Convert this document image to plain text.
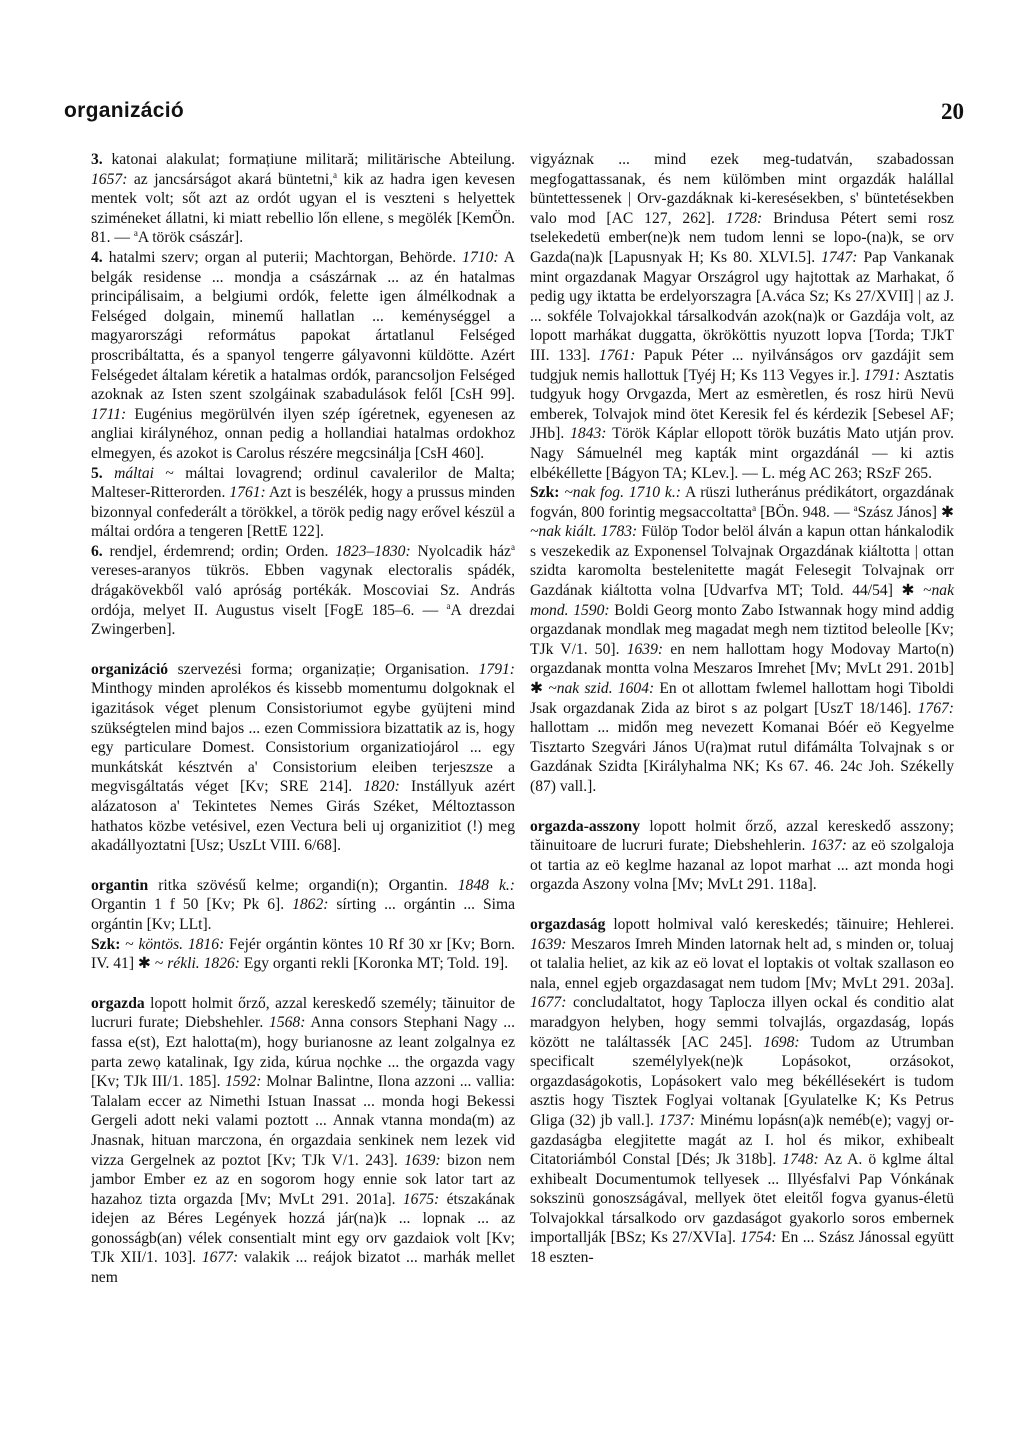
organizáció	20

3. katonai alakulat; formațiune militară; militärische Abteilung. 1657: az jancsárságot akará büntetni,$^a$ kik az hadra igen kevesen mentek volt; sőt azt az ordót ugyan el is veszteni s helyettek sziméneket állatni, ki miatt rebellio lőn ellene, s megölék [KemÖn. 81. — $^a$A török császár].

4. hatalmi szerv; organ al puterii; Machtorgan, Behörde. 1710: A belgák residense ... mondja a császárnak ... az én hatalmas principálisaim, a belgiumi ordók, felette igen álmélkodnak a Felséged dolgain, minemű hallatlan ... keménységgel a magyarországi református papokat ártatlanul Felséged proscribáltatta, és a spanyol tengerre gályavonni küldötte. Azért Felségedet általam kéretik a hatalmas ordók, parancsoljon Felséged azoknak az Isten szent szolgáinak szabadulások felől [CsH 99]. 1711: Eugénius megörülvén ilyen szép ígéretnek, egyenesen az angliai királynéhoz, onnan pedig a hollandiai hatalmas ordokhoz elmegyen, és azokot is Carolus részére megcsinálja [CsH 460].

5. máltai ~ máltai lovagrend; ordinul cavalerilor de Malta; Malteser-Ritterorden. 1761: Azt is beszélék, hogy a prussus minden bizonnyal confederált a törökkel, a török pedig nagy erővel készül a máltai ordóra a tengeren [RettE 122].

6. rendjel, érdemrend; ordin; Orden. 1823–1830: Nyolcadik ház$^a$ vereses-aranyos tükrös. Ebben vagynak electoralis spádék, drágakövekből való apróság portékák. Moscoviai Sz. András ordója, melyet II. Augustus viselt [FogE 185–6. — $^a$A drezdai Zwingerben].

organizáció szervezési forma; organizație; Organisation. 1791: Minthogy minden aprolékos és kissebb momentumu dolgoknak el igazitások véget plenum Consistoriumot egybe gyüjteni mind szükségtelen mind bajos ... ezen Commissiora bizattatik az is, hogy egy particulare Domest. Consistorium organizatiojárol ... egy munkátskát késztvén a' Consistorium eleiben terjeszsze a megvisgáltatás véget [Kv; SRE 214]. 1820: Instállyuk azért alázatoson a' Tekintetes Nemes Girás Széket, Méltoztasson hathatos közbe vetésivel, ezen Vectura beli uj organizitiot (!) meg akadállyoztatni [Usz; UszLt VIII. 6/68].

organtin ritka szövésű kelme; organdi(n); Organtin. 1848 k.: Organtin 1 f 50 [Kv; Pk 6]. 1862: sírting ... orgántin ... Sima orgántin [Kv; LLt].

Szk: ~ köntös. 1816: Fejér orgántin köntes 10 Rf 30 xr [Kv; Born. IV. 41] ✱ ~ rékli. 1826: Egy organti rekli [Koronka MT; Told. 19].

orgazda lopott holmit őrző, azzal kereskedő személy; tăinuitor de lucruri furate; Diebshehler. 1568: Anna consors Stephani Nagy ... fassa e(st), Ezt halotta(m), hogy burianosne az leant zolgalnya ez parta zewọ katalinak, Igy zida, kúrua nọchke ... the orgazda vagy [Kv; TJk III/1. 185]. 1592: Molnar Balintne, Ilona azzoni ... vallia: Talalam eccer az Nimethi Istuan Inassat ... monda hogi Bekessi Gergeli adott neki valami poztott ... Annak vtanna monda(m) az Jnasnak, hituan marczona, én orgazdaia senkinek nem lezek vid vizza Gergelnek az poztot [Kv; TJk V/1. 243]. 1639: bizon nem jambor Ember ez az en sogorom hogy ennie sok lator tart az hazahoz tizta orgazda [Mv; MvLt 291. 201a]. 1675: étszakának idejen az Béres Legények hozzá jár(na)k ... lopnak ... az gonosságb(an) vélek consentialt mint egy orv gazdaiok volt [Kv; TJk XII/1. 103]. 1677: valakik ... reájok bizatot ... marhák mellet nem

vigyáznak ... mind ezek meg-tudatván, szabadossan megfogattassanak, és nem külömben mint orgazdák halállal büntettessenek | Orv-gazdáknak ki-keresésekben, s' büntetésekben valo mod [AC 127, 262]. 1728: Brindusa Pétert semi rosz tselekedetü ember(ne)k nem tudom lenni se lopo-(na)k, se orv Gazda(na)k [Lapusnyak H; Ks 80. XLVI.5]. 1747: Pap Vankanak mint orgazdanak Magyar Országrol ugy hajtottak az Marhakat, ő pedig ugy iktatta be erdelyorszagra [A.váca Sz; Ks 27/XVII] | az J. ... sokféle Tolvajokkal társalkodván azok(na)k or Gazdája volt, az lopott marhákat duggatta, ökrököttis nyuzott lopva [Torda; TJkT III. 133]. 1761: Papuk Péter ... nyilvánságos orv gazdájit sem tudgjuk nemis hallottuk [Tyéj H; Ks 113 Vegyes ir.]. 1791: Asztatis tudgyuk hogy Orvgazda, Mert az esmèretlen, és rosz hirü Nevü emberek, Tolvajok mind ötet Keresik fel és kérdezik [Sebesel AF; JHb]. 1843: Török Káplar ellopott török buzátis Mato utján prov. Nagy Sámuelnél meg kapták mint orgazdánál — ki aztis elbékéllette [Bágyon TA; KLev.]. — L. még AC 263; RSzF 265.

Szk: ~nak fog. 1710 k.: A rüszi lutheránus prédikátort, orgazdának fogván, 800 forintig megsaccoltatta$^a$ [BÖn. 948. — $^a$Szász János] ✱ ~nak kiált. 1783: Fülöp Todor belöl álván a kapun ottan hánkalodik s veszekedik az Exponensel Tolvajnak Orgazdának kiáltotta | ottan szidta karomolta bestelenitette magát Felesegit Tolvajnak orr Gazdának kiáltotta volna [Udvarfva MT; Told. 44/54] ✱ ~nak mond. 1590: Boldi Georg monto Zabo Istwannak hogy mind addig orgazdanak mondlak meg magadat megh nem tiztitod beleolle [Kv; TJk V/1. 50]. 1639: en nem hallottam hogy Modovay Marto(n) orgazdanak montta volna Meszaros Imrehet [Mv; MvLt 291. 201b] ✱ ~nak szid. 1604: En ot allottam fwlemel hallottam hogi Tiboldi Jsak orgazdanak Zida az birot s az polgart [UszT 18/146]. 1767: hallottam ... midőn meg nevezett Komanai Bóér eö Kegyelme Tisztarto Szegvári János U(ra)mat rutul difámáltа Tolvajnak s or Gazdának Szidta [Királyhalma NK; Ks 67. 46. 24c Joh. Székelly (87) vall.].

orgazda-asszony lopott holmit őrző, azzal kereskedő asszony; tăinuitoare de lucruri furate; Diebshehlerin. 1637: az eö szolgaloja ot tartia az eö keglme hazanal az lopot marhat ... azt monda hogi orgazda Aszony volna [Mv; MvLt 291. 118a].

orgazdaság lopott holmival való kereskedés; tăinuire; Hehlerei. 1639: Meszaros Imreh Minden latornak helt ad, s minden or, toluaj ot talalia heliet, az kik az eö lovat el loptakis ot voltak szallason eo nala, ennel egjeb orgazdasagat nem tudom [Mv; MvLt 291. 203a]. 1677: concludaltatot, hogy Taplocza illyen ockal és conditio alat maradgyon helyben, hogy semmi tolvajlás, orgazdaság, lopás között ne találtassék [AC 245]. 1698: Tudom az Utrumban specificalt személylyek(ne)k Lopásokot, orzásokot, orgazdaságokotis, Lopásokert valo meg békéllésekért is tudom asztis hogy Tisztek Foglyai voltanak [Gyulatelke K; Ks Petrus Gliga (32) jb vall.]. 1737: Minému lopásn(a)k neméb(e); vagyj or-gazdaságba elegjitette magát az I. hol és mikor, exhibealt Citatoriámból Constal [Dés; Jk 318b]. 1748: Az A. ö kglme által exhibealt Documentumok tellyesek ... Illyésfalvi Pap Vónkának sokszinü gonoszságával, mellyek ötet eleitől fogva gyanus-életü Tolvajokkal társalkodo orv gazdaságot gyakorlo soros embernek importallják [BSz; Ks 27/XVIa]. 1754: En ... Szász Jánossal együtt 18 eszten-
